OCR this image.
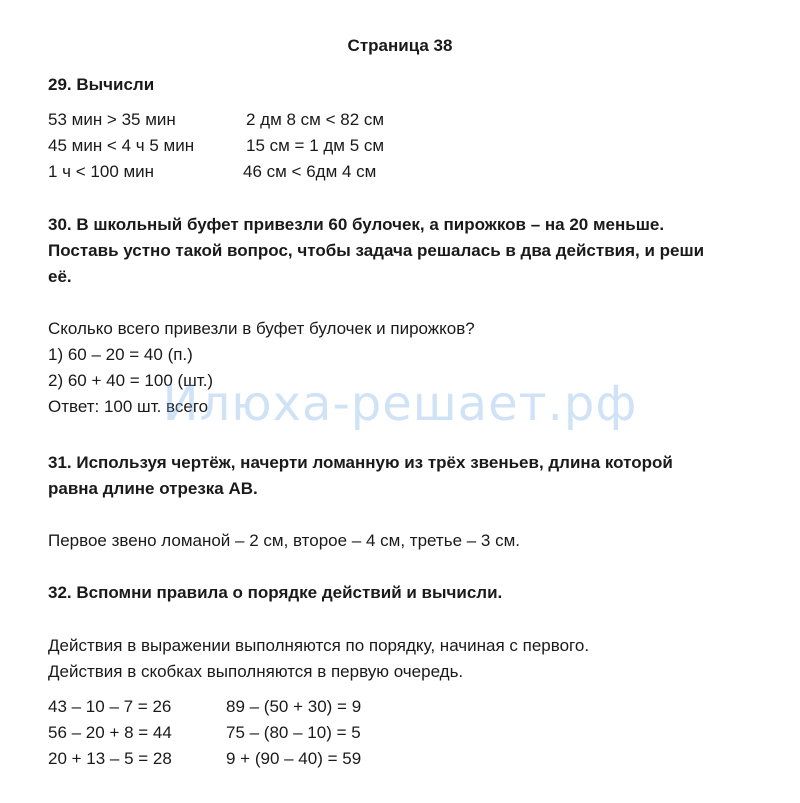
Страница 38
29. Вычисли
53 мин > 35 мин
45 мин < 4 ч 5 мин
1 ч < 100 мин
2 дм 8 см < 82 см
15 см = 1 дм 5 см
46 см < 6дм 4 см
30. В школьный буфет привезли 60 булочек, а пирожков – на 20 меньше.
Поставь устно такой вопрос, чтобы задача решалась в два действия, и реши
её.
Сколько всего привезли в буфет булочек и пирожков?
1) 60 – 20 = 40 (п.)
2) 60 + 40 = 100 (шт.)
Ответ: 100 шт. всего
31. Используя чертёж, начерти ломанную из трёх звеньев, длина которой
равна длине отрезка АВ.
Первое звено ломаной – 2 см, второе – 4 см, третье – 3 см.
32. Вспомни правила о порядке действий и вычисли.
Действия в выражении выполняются по порядку, начиная с первого.
Действия в скобках выполняются в первую очередь.
43 – 10 – 7 = 26
56 – 20 + 8 = 44
20 + 13 – 5 = 28
89 – (50 + 30) = 9
75 – (80 – 10) = 5
9 + (90 – 40) = 59
Илюха-решает.рф
